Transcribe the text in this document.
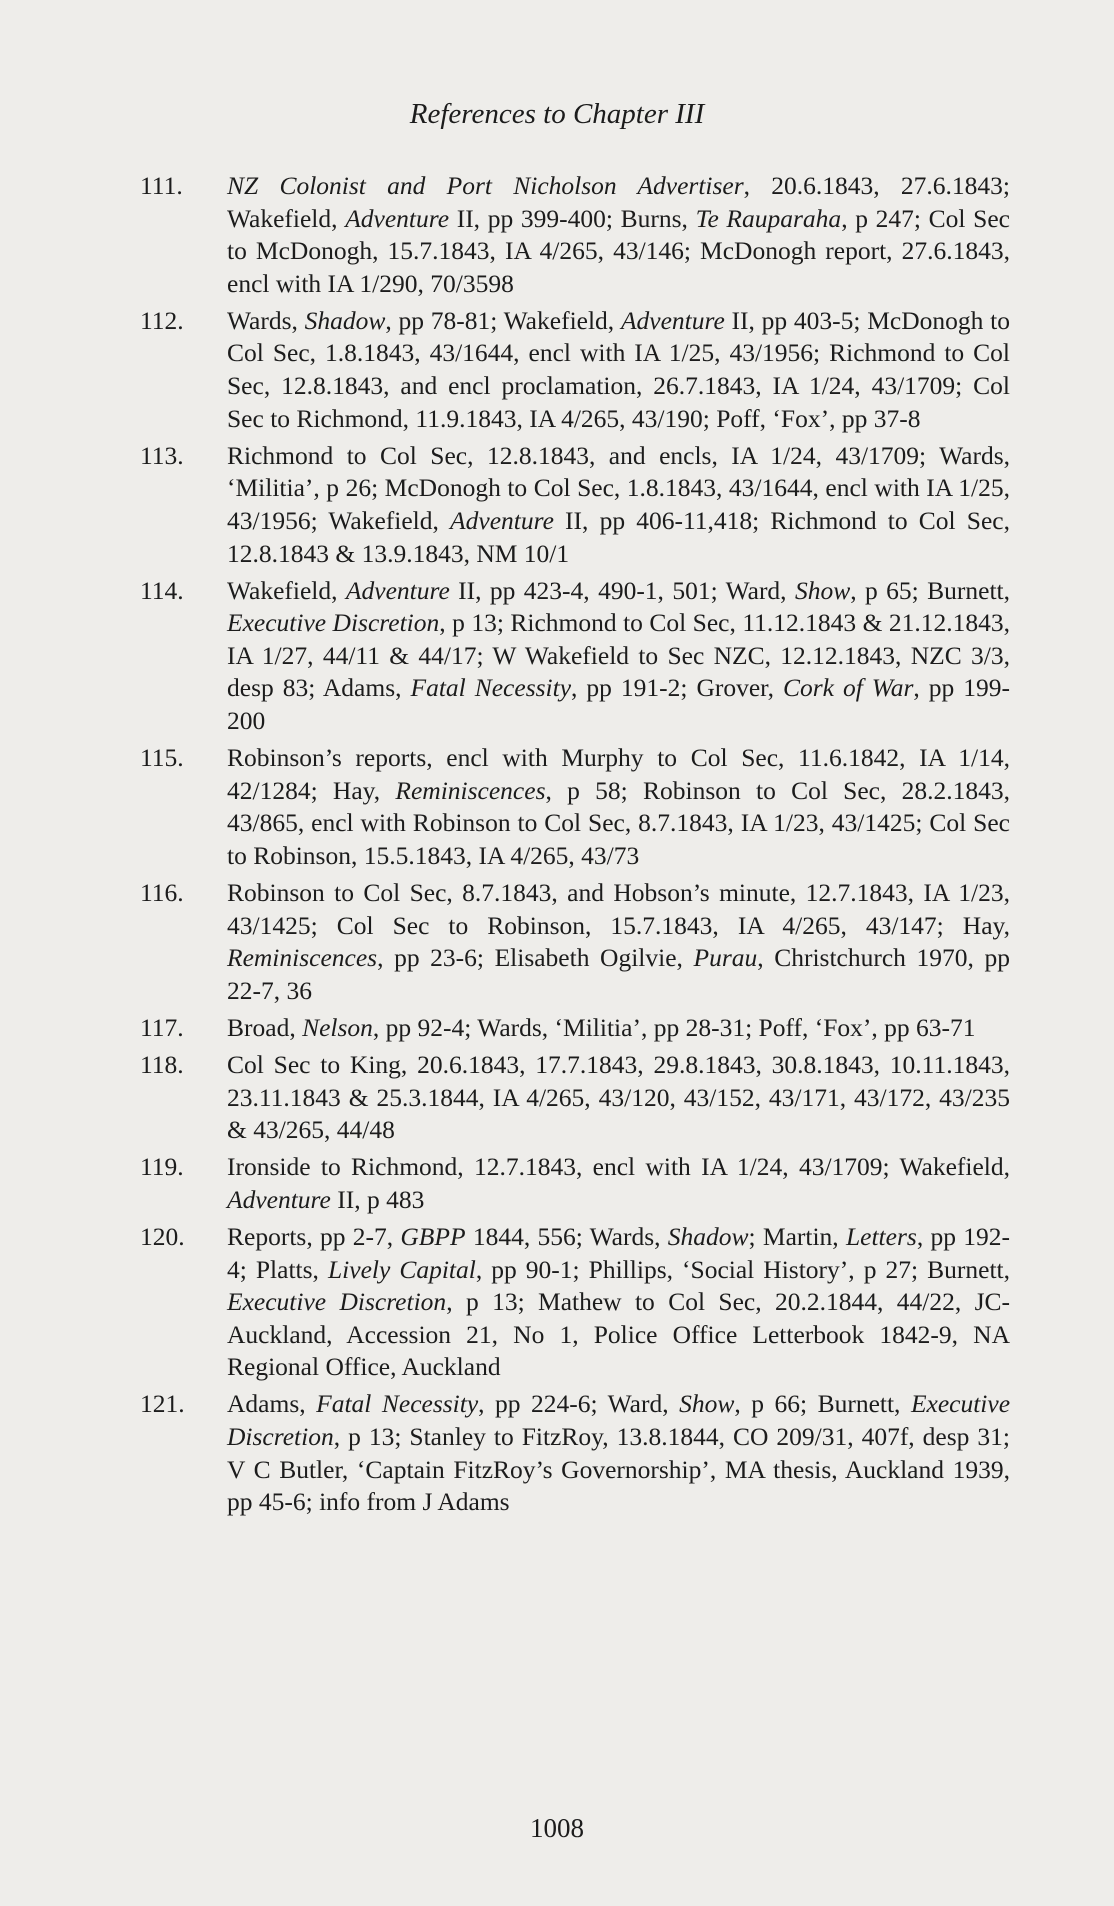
References to Chapter III
111.	NZ Colonist and Port Nicholson Advertiser, 20.6.1843, 27.6.1843; Wakefield, Adventure II, pp 399-400; Burns, Te Rauparaha, p 247; Col Sec to McDonogh, 15.7.1843, IA 4/265, 43/146; McDonogh report, 27.6.1843, encl with IA 1/290, 70/3598
112.	Wards, Shadow, pp 78-81; Wakefield, Adventure II, pp 403-5; McDonogh to Col Sec, 1.8.1843, 43/1644, encl with IA 1/25, 43/1956; Richmond to Col Sec, 12.8.1843, and encl proclamation, 26.7.1843, IA 1/24, 43/1709; Col Sec to Richmond, 11.9.1843, IA 4/265, 43/190; Poff, ‘Fox’, pp 37-8
113.	Richmond to Col Sec, 12.8.1843, and encls, IA 1/24, 43/1709; Wards, ‘Militia’, p 26; McDonogh to Col Sec, 1.8.1843, 43/1644, encl with IA 1/25, 43/1956; Wakefield, Adventure II, pp 406-11,418; Richmond to Col Sec, 12.8.1843 & 13.9.1843, NM 10/1
114.	Wakefield, Adventure II, pp 423-4, 490-1, 501; Ward, Show, p 65; Burnett, Executive Discretion, p 13; Richmond to Col Sec, 11.12.1843 & 21.12.1843, IA 1/27, 44/11 & 44/17; W Wakefield to Sec NZC, 12.12.1843, NZC 3/3, desp 83; Adams, Fatal Necessity, pp 191-2; Grover, Cork of War, pp 199-200
115.	Robinson’s reports, encl with Murphy to Col Sec, 11.6.1842, IA 1/14, 42/1284; Hay, Reminiscences, p 58; Robinson to Col Sec, 28.2.1843, 43/865, encl with Robinson to Col Sec, 8.7.1843, IA 1/23, 43/1425; Col Sec to Robinson, 15.5.1843, IA 4/265, 43/73
116.	Robinson to Col Sec, 8.7.1843, and Hobson’s minute, 12.7.1843, IA 1/23, 43/1425; Col Sec to Robinson, 15.7.1843, IA 4/265, 43/147; Hay, Reminiscences, pp 23-6; Elisabeth Ogilvie, Purau, Christchurch 1970, pp 22-7, 36
117.	Broad, Nelson, pp 92-4; Wards, ‘Militia’, pp 28-31; Poff, ‘Fox’, pp 63-71
118.	Col Sec to King, 20.6.1843, 17.7.1843, 29.8.1843, 30.8.1843, 10.11.1843, 23.11.1843 & 25.3.1844, IA 4/265, 43/120, 43/152, 43/171, 43/172, 43/235 & 43/265, 44/48
119.	Ironside to Richmond, 12.7.1843, encl with IA 1/24, 43/1709; Wakefield, Adventure II, p 483
120.	Reports, pp 2-7, GBPP 1844, 556; Wards, Shadow; Martin, Letters, pp 192-4; Platts, Lively Capital, pp 90-1; Phillips, ‘Social History’, p 27; Burnett, Executive Discretion, p 13; Mathew to Col Sec, 20.2.1844, 44/22, JC-Auckland, Accession 21, No 1, Police Office Letterbook 1842-9, NA Regional Office, Auckland
121.	Adams, Fatal Necessity, pp 224-6; Ward, Show, p 66; Burnett, Executive Discretion, p 13; Stanley to FitzRoy, 13.8.1844, CO 209/31, 407f, desp 31; V C Butler, ‘Captain FitzRoy’s Governorship’, MA thesis, Auckland 1939, pp 45-6; info from J Adams
1008
